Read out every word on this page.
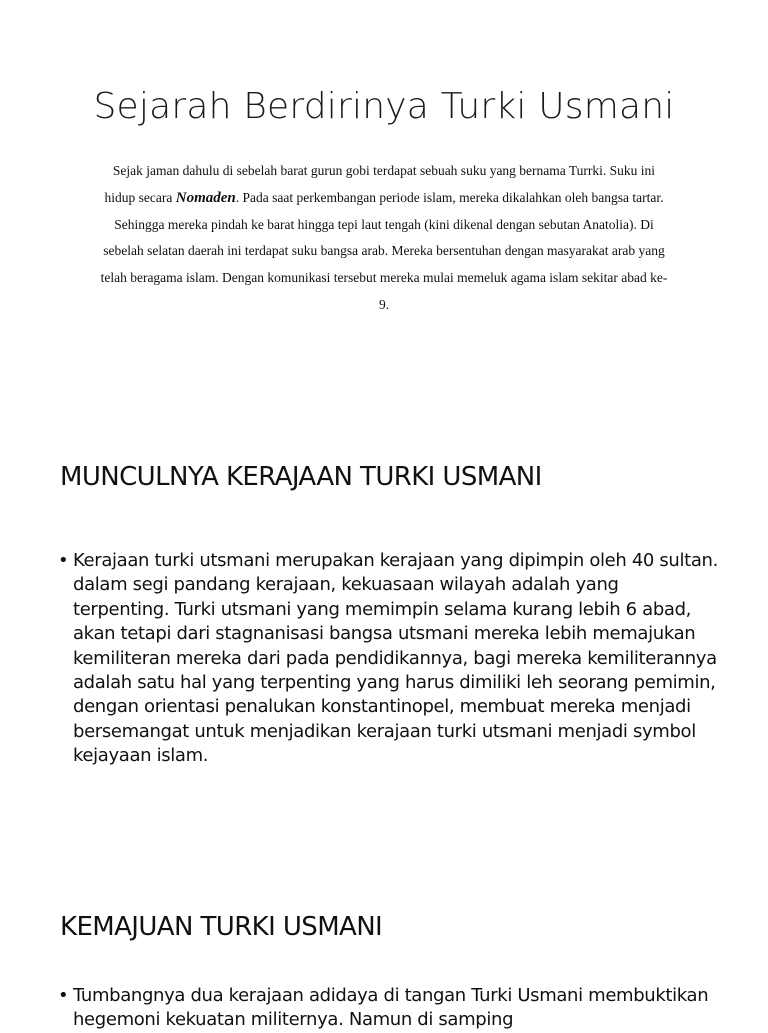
Sejarah Berdirinya Turki Usmani
Sejak jaman dahulu di sebelah barat gurun gobi terdapat sebuah suku yang bernama Turrki. Suku ini hidup secara Nomaden. Pada saat perkembangan periode islam, mereka dikalahkan oleh bangsa tartar. Sehingga mereka pindah ke barat hingga tepi laut tengah (kini dikenal dengan sebutan Anatolia). Di sebelah selatan daerah ini terdapat suku bangsa arab. Mereka bersentuhan dengan masyarakat arab yang telah beragama islam. Dengan komunikasi tersebut mereka mulai memeluk agama islam sekitar abad ke-9.
MUNCULNYA KERAJAAN TURKI USMANI
• Kerajaan turki utsmani merupakan kerajaan yang dipimpin oleh 40 sultan. dalam segi pandang kerajaan, kekuasaan wilayah adalah yang terpenting. Turki utsmani yang memimpin selama kurang lebih 6 abad, akan tetapi dari stagnanisasi bangsa utsmani mereka lebih memajukan kemiliteran mereka dari pada pendidikannya, bagi mereka kemiliterannya adalah satu hal yang terpenting yang harus dimiliki leh seorang pemimin, dengan orientasi penalukan konstantinopel, membuat mereka menjadi bersemangat untuk menjadikan kerajaan turki utsmani menjadi symbol kejayaan islam.
KEMAJUAN TURKI USMANI
• Tumbangnya dua kerajaan adidaya di tangan Turki Usmani membuktikan hegemoni kekuatan militernya. Namun di samping
